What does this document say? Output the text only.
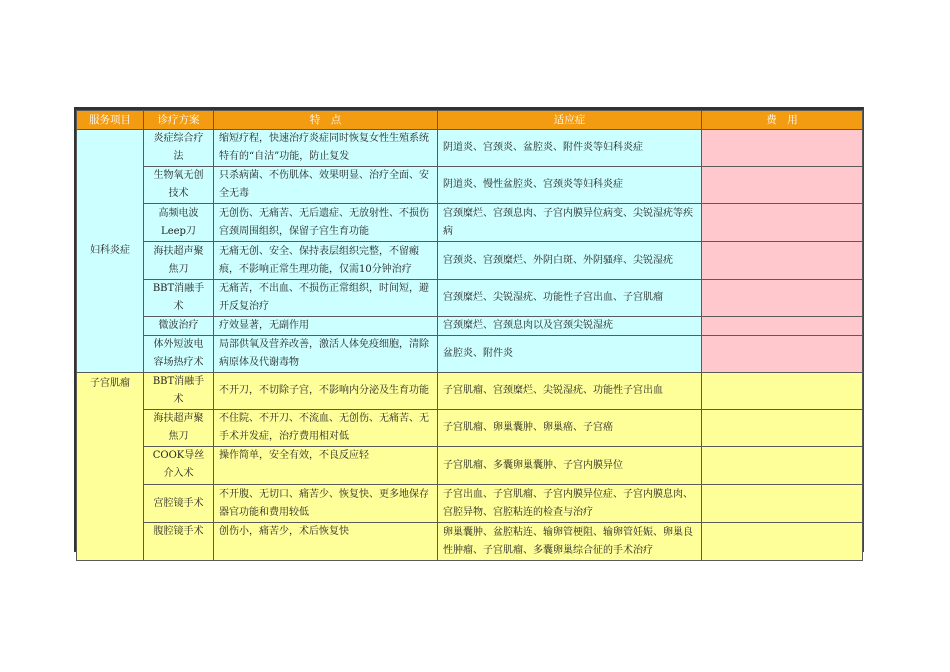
服务项目	诊疗方案	特　点	适应症	费　用
妇科炎症	炎症综合疗法	缩短疗程，快速治疗炎症同时恢复女性生殖系统特有的“自洁”功能，防止复发	阴道炎、宫颈炎、盆腔炎、附件炎等妇科炎症	
	生物氧无创技术	只杀病菌、不伤肌体、效果明显、治疗全面、安全无毒	阴道炎、慢性盆腔炎、宫颈炎等妇科炎症	
	高频电波Leep刀	无创伤、无痛苦、无后遗症、无放射性、不损伤宫颈周围组织，保留子宫生育功能	宫颈糜烂、宫颈息肉、子宫内膜异位病变、尖锐湿疣等疾病	
	海扶超声聚焦刀	无痛无创、安全、保持表层组织完整，不留瘢痕，不影响正常生理功能，仅需10分钟治疗	宫颈炎、宫颈糜烂、外阴白斑、外阴骚痒、尖锐湿疣	
	BBT消融手术	无痛苦，不出血、不损伤正常组织，时间短，避开反复治疗	宫颈糜烂、尖锐湿疣、功能性子宫出血、子宫肌瘤	
	微波治疗	疗效显著，无副作用	宫颈糜烂、宫颈息肉以及宫颈尖锐湿疣	
	体外短波电容场热疗术	局部供氧及营养改善，激活人体免疫细胞，清除病原体及代谢毒物	盆腔炎、附件炎	
子宫肌瘤	BBT消融手术	不开刀，不切除子宫，不影响内分泌及生育功能	子宫肌瘤、宫颈糜烂、尖锐湿疣、功能性子宫出血	
	海扶超声聚焦刀	不住院、不开刀、不流血、无创伤、无痛苦、无手术并发症，治疗费用相对低	子宫肌瘤、卵巢囊肿、卵巢癌、子宫癌	
	COOK导丝介入术	操作简单，安全有效，不良反应轻	子宫肌瘤、多囊卵巢囊肿、子宫内膜异位	
	宫腔镜手术	不开腹、无切口、痛苦少、恢复快、更多地保存器官功能和费用较低	子宫出血、子宫肌瘤、子宫内膜异位症、子宫内膜息肉、宫腔异物、宫腔粘连的检查与治疗	
	腹腔镜手术	创伤小，痛苦少，术后恢复快	卵巢囊肿、盆腔粘连、输卵管梗阻、输卵管妊娠、卵巢良性肿瘤、子宫肌瘤、多囊卵巢综合征的手术治疗	
